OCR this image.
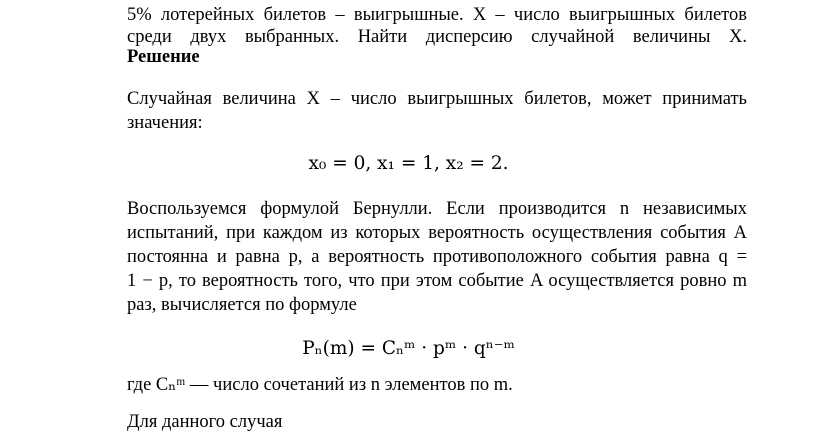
5% лотерейных билетов – выигрышные. X – число выигрышных билетов
среди двух выбранных. Найти дисперсию случайной величины X.
Решение
Случайная величина X – число выигрышных билетов, может принимать
значения:
x₀ = 0, x₁ = 1, x₂ = 2.
Воспользуемся формулой Бернулли. Если производится n независимых
испытаний, при каждом из которых вероятность осуществления события A
постоянна и равна p, а вероятность противоположного события равна q =
1 − p, то вероятность того, что при этом событие A осуществляется ровно m
раз, вычисляется по формуле
Pₙ(m) = Cₙᵐ · pᵐ · qⁿ⁻ᵐ
где Cₙᵐ — число сочетаний из n элементов по m.
Для данного случая
